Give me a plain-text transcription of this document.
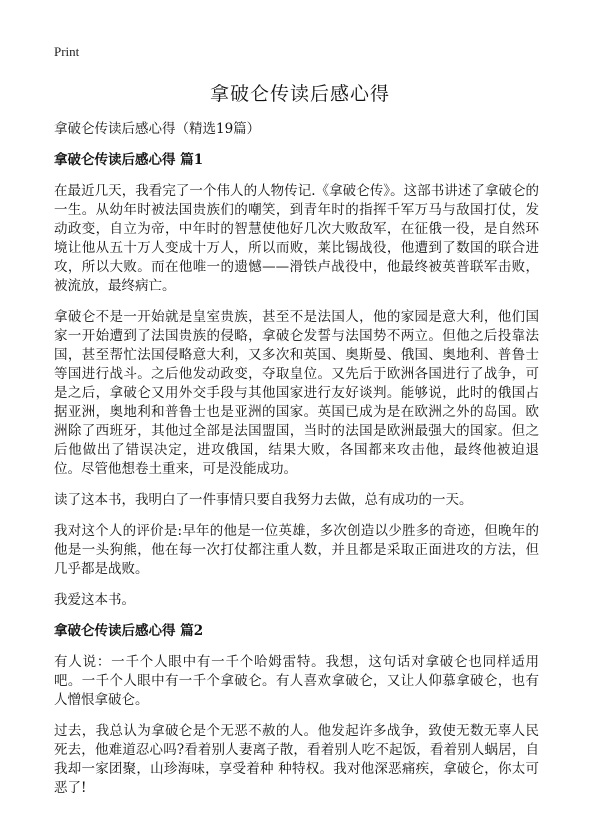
Print
拿破仑传读后感心得

拿破仑传读后感心得（精选19篇）

拿破仑传读后感心得 篇1

在最近几天，我看完了一个伟人的人物传记.《拿破仑传》。这部书讲述了拿破仑的一生。从幼年时被法国贵族们的嘲笑，到青年时的指挥千军万马与敌国打仗，发动政变，自立为帝，中年时的智慧使他好几次大败敌军，在征俄一役，是自然环境让他从五十万人变成十万人，所以而败，莱比锡战役，他遭到了数国的联合进攻，所以大败。而在他唯一的遗憾——滑铁卢战役中，他最终被英普联军击败，被流放，最终病亡。

拿破仑不是一开始就是皇室贵族，甚至不是法国人，他的家园是意大利，他们国家一开始遭到了法国贵族的侵略，拿破仑发誓与法国势不两立。但他之后投靠法国，甚至帮忙法国侵略意大利，又多次和英国、奥斯曼、俄国、奥地利、普鲁士等国进行战斗。之后他发动政变，夺取皇位。又先后于欧洲各国进行了战争，可是之后，拿破仑又用外交手段与其他国家进行友好谈判。能够说，此时的俄国占据亚洲，奥地利和普鲁士也是亚洲的国家。英国已成为是在欧洲之外的岛国。欧洲除了西班牙，其他过全部是法国盟国，当时的法国是欧洲最强大的国家。但之后他做出了错误决定，进攻俄国，结果大败，各国都来攻击他，最终他被迫退位。尽管他想卷土重来，可是没能成功。

读了这本书，我明白了一件事情只要自我努力去做，总有成功的一天。

我对这个人的评价是:早年的他是一位英雄，多次创造以少胜多的奇迹，但晚年的他是一头狗熊，他在每一次打仗都注重人数，并且都是采取正面进攻的方法，但几乎都是战败。

我爱这本书。

拿破仑传读后感心得 篇2

有人说：一千个人眼中有一千个哈姆雷特。我想，这句话对拿破仑也同样适用吧。一千个人眼中有一千个拿破仑。有人喜欢拿破仑，又让人仰慕拿破仑，也有人憎恨拿破仑。

过去，我总认为拿破仑是个无恶不赦的人。他发起许多战争，致使无数无辜人民死去，他难道忍心吗?看着别人妻离子散，看着别人吃不起饭，看着别人蜗居，自我却一家团聚，山珍海味，享受着种 种特权。我对他深恶痛疾，拿破仑，你太可恶了!
